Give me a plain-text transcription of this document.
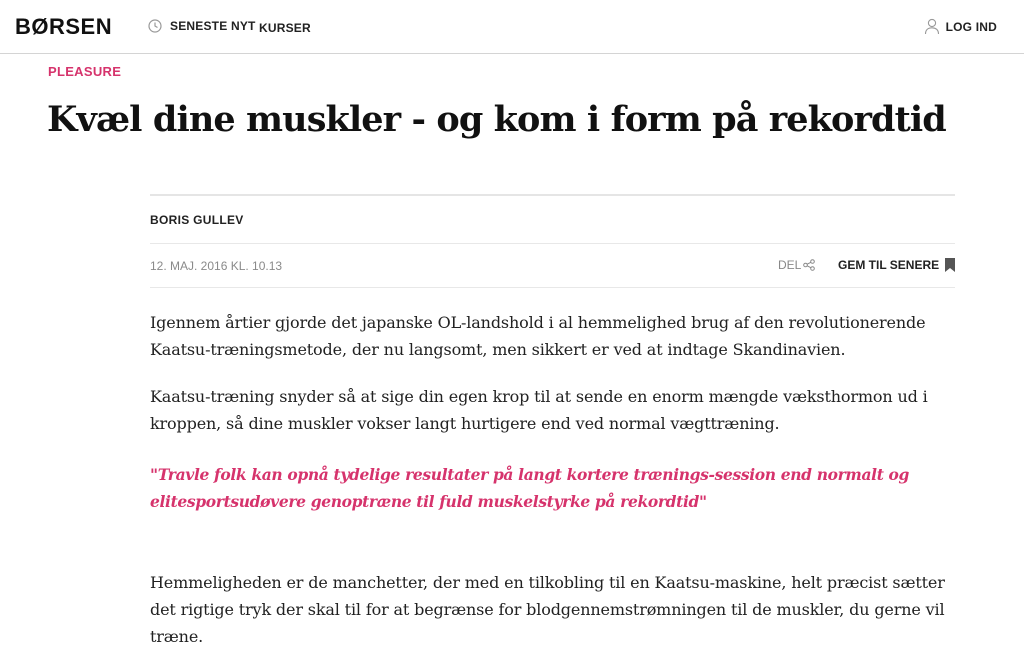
BØRSEN	SENESTE NYT KURSER	LOG IND
PLEASURE
Kvæl dine muskler - og kom i form på rekordtid
BORIS GULLEV
12. MAJ. 2016 KL. 10.13	DEL	GEM TIL SENERE

Igennem årtier gjorde det japanske OL-landshold i al hemmelighed brug af den revolutionerende Kaatsu-træningsmetode, der nu langsomt, men sikkert er ved at indtage Skandinavien.

Kaatsu-træning snyder så at sige din egen krop til at sende en enorm mængde væksthormon ud i kroppen, så dine muskler vokser langt hurtigere end ved normal vægttræning.

"Travle folk kan opnå tydelige resultater på langt kortere trænings-session end normalt og elitesportsudøvere genoptræne til fuld muskelstyrke på rekordtid"

Hemmeligheden er de manchetter, der med en tilkobling til en Kaatsu-maskine, helt præcist sætter det rigtige tryk der skal til for at begrænse for blodgennemstrømningen til de muskler, du gerne vil træne.
